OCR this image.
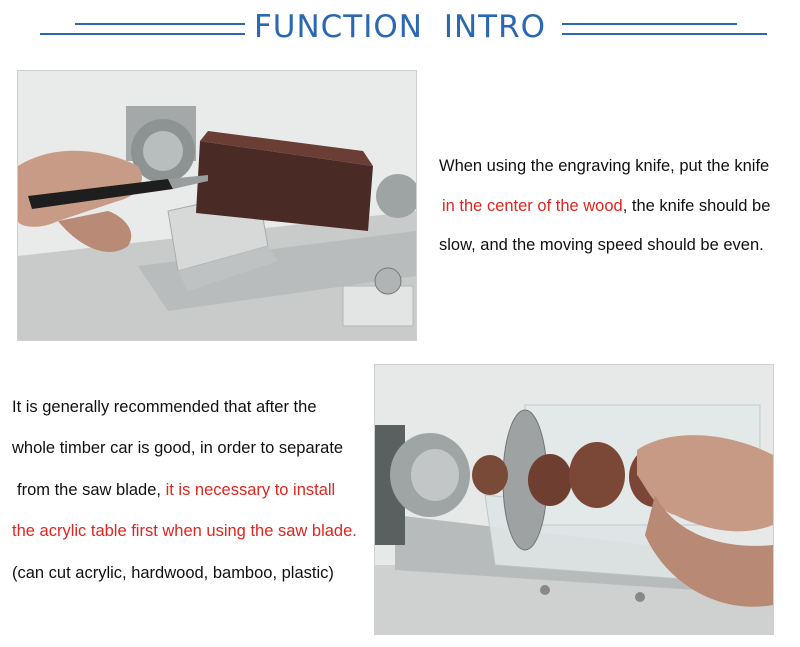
FUNCTION INTRO
When using the engraving knife, put the knife
in the center of the wood, the knife should be
slow, and the moving speed should be even.
It is generally recommended that after the
whole timber car is good, in order to separate
from the saw blade, it is necessary to install
the acrylic table first when using the saw blade.
(can cut acrylic, hardwood, bamboo, plastic)
